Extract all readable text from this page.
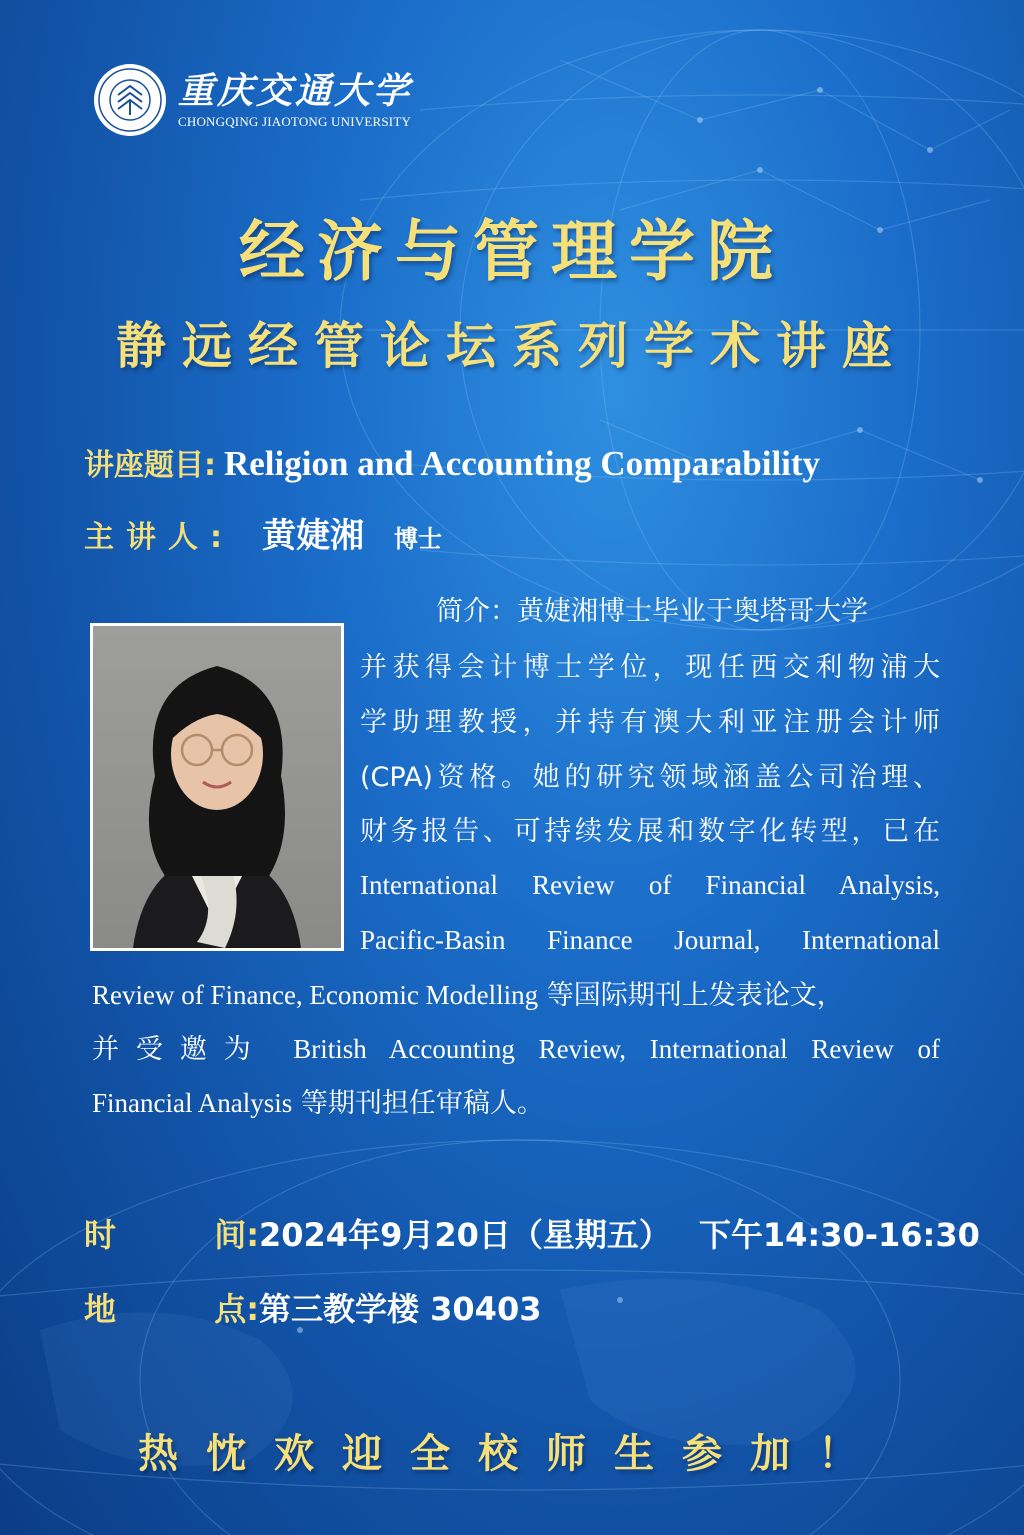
重庆交通大学
CHONGQING JIAOTONG UNIVERSITY
经济与管理学院
静远经管论坛系列学术讲座
讲座题目: Religion and Accounting Comparability
主讲人: 黄婕湘 博士
简介：黄婕湘博士毕业于奥塔哥大学
并获得会计博士学位，现任西交利物浦大
学助理教授，并持有澳大利亚注册会计师
(CPA)资格。她的研究领域涵盖公司治理、
财务报告、可持续发展和数字化转型，已在
International Review of Financial Analysis,
Pacific-Basin Finance Journal, International
Review of Finance, Economic Modelling 等国际期刊上发表论文，
并受邀为 British Accounting Review, International Review of
Financial Analysis 等期刊担任审稿人。
时	间: 2024年9月20日（星期五） 下午14:30-16:30
地	点: 第三教学楼 30403
热忱欢迎全校师生参加！
